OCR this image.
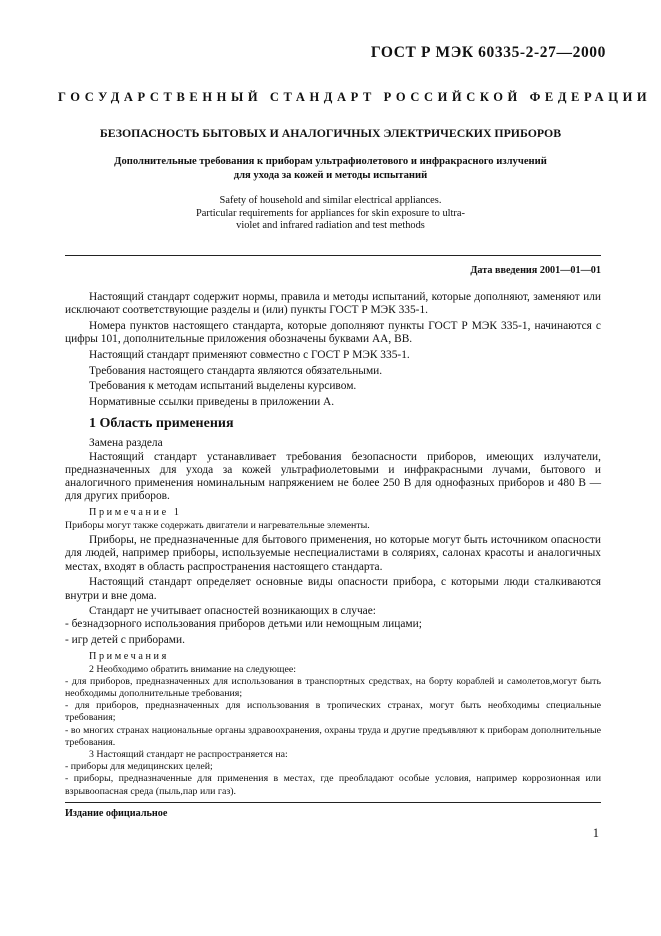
ГОСТ Р МЭК 60335-2-27—2000
ГОСУДАРСТВЕННЫЙ СТАНДАРТ РОССИЙСКОЙ ФЕДЕРАЦИИ
БЕЗОПАСНОСТЬ БЫТОВЫХ И АНАЛОГИЧНЫХ ЭЛЕКТРИЧЕСКИХ ПРИБОРОВ
Дополнительные требования к приборам ультрафиолетового и инфракрасного излучений
для ухода за кожей и методы испытаний
Safety of household and similar electrical appliances.
Particular requirements for appliances for skin exposure to ultra-
violet and infrared radiation and test methods
Дата введения 2001—01—01

Настоящий стандарт содержит нормы, правила и методы испытаний, которые дополняют, заменяют или исключают соответствующие разделы и (или) пункты ГОСТ Р МЭК 335-1.

Номера пунктов настоящего стандарта, которые дополняют пункты ГОСТ Р МЭК 335-1, начинаются с цифры 101, дополнительные приложения обозначены буквами АА, ВВ.

Настоящий стандарт применяют совместно с ГОСТ Р МЭК 335-1.

Требования настоящего стандарта являются обязательными.

Требования к методам испытаний выделены курсивом.

Нормативные ссылки приведены в приложении А.

1 Область применения

Замена раздела

Настоящий стандарт устанавливает требования безопасности приборов, имеющих излучатели, предназначенных для ухода за кожей ультрафиолетовыми и инфракрасными лучами, бытового и аналогичного применения номинальным напряжением не более 250 В для однофазных приборов и 480 В — для других приборов.

Примечание 1

Приборы могут также содержать двигатели и нагревательные элементы.

Приборы, не предназначенные для бытового применения, но которые могут быть источником опасности для людей, например приборы, используемые неспециалистами в соляриях, салонах красоты и аналогичных местах, входят в область распространения настоящего стандарта.

Настоящий стандарт определяет основные виды опасности прибора, с которыми люди сталкиваются внутри и вне дома.

Стандарт не учитывает опасностей возникающих в случае:

- безнадзорного использования приборов детьми или немощным лицами;

- игр детей с приборами.

Примечания

2 Необходимо обратить внимание на следующее:

- для приборов, предназначенных для использования в транспортных средствах, на борту кораблей и самолетов,могут быть необходимы дополнительные требования;

- для приборов, предназначенных для использования в тропических странах, могут быть необходимы специальные требования;

- во многих странах национальные органы здравоохранения, охраны труда и другие предъявляют к приборам дополнительные требования.

3 Настоящий стандарт не распространяется на:

- приборы для медицинских целей;

- приборы, предназначенные для применения в местах, где преобладают особые условия, например коррозионная или взрывоопасная среда (пыль,пар или газ).

Издание официальное
1
